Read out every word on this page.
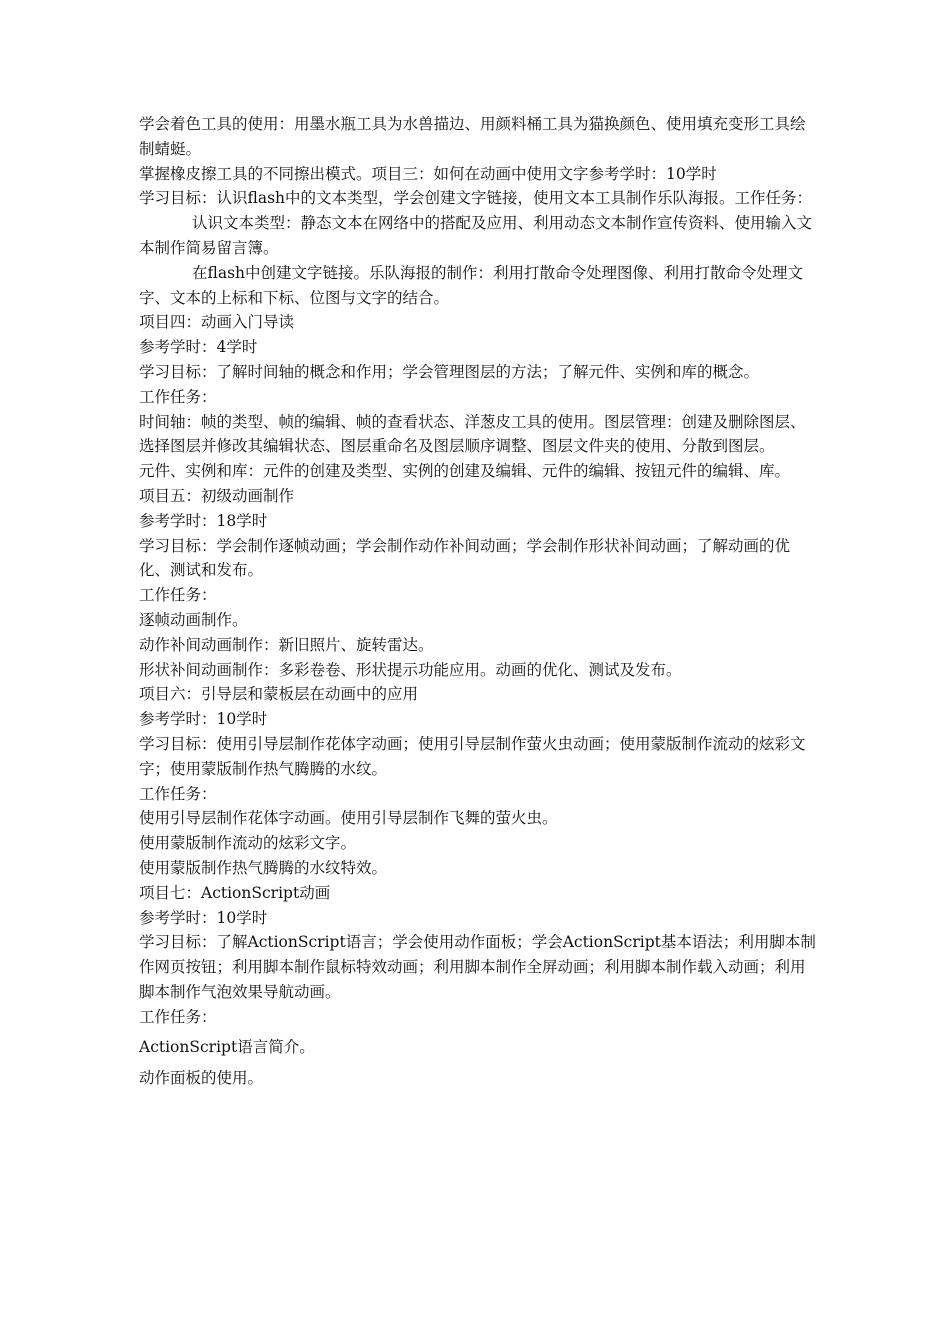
学会着色工具的使用：用墨水瓶工具为水兽描边、用颜料桶工具为猫换颜色、使用填充变形工具绘制蜻蜓。

掌握橡皮擦工具的不同擦出模式。项目三：如何在动画中使用文字参考学时：10学时

学习目标：认识flash中的文本类型，学会创建文字链接，使用文本工具制作乐队海报。工作任务：

认识文本类型：静态文本在网络中的搭配及应用、利用动态文本制作宣传资料、使用输入文本制作简易留言簿。

在flash中创建文字链接。乐队海报的制作：利用打散命令处理图像、利用打散命令处理文字、文本的上标和下标、位图与文字的结合。

项目四：动画入门导读

参考学时：4学时

学习目标：了解时间轴的概念和作用；学会管理图层的方法；了解元件、实例和库的概念。

工作任务：

时间轴：帧的类型、帧的编辑、帧的查看状态、洋葱皮工具的使用。图层管理：创建及删除图层、选择图层并修改其编辑状态、图层重命名及图层顺序调整、图层文件夹的使用、分散到图层。

元件、实例和库：元件的创建及类型、实例的创建及编辑、元件的编辑、按钮元件的编辑、库。

项目五：初级动画制作

参考学时：18学时

学习目标：学会制作逐帧动画；学会制作动作补间动画；学会制作形状补间动画；了解动画的优化、测试和发布。

工作任务：

逐帧动画制作。

动作补间动画制作：新旧照片、旋转雷达。

形状补间动画制作：多彩卷卷、形状提示功能应用。动画的优化、测试及发布。

项目六：引导层和蒙板层在动画中的应用

参考学时：10学时

学习目标：使用引导层制作花体字动画；使用引导层制作萤火虫动画；使用蒙版制作流动的炫彩文字；使用蒙版制作热气腾腾的水纹。

工作任务：

使用引导层制作花体字动画。使用引导层制作飞舞的萤火虫。

使用蒙版制作流动的炫彩文字。

使用蒙版制作热气腾腾的水纹特效。

项目七：ActionScript动画

参考学时：10学时

学习目标：了解ActionScript语言；学会使用动作面板；学会ActionScript基本语法；利用脚本制作网页按钮；利用脚本制作鼠标特效动画；利用脚本制作全屏动画；利用脚本制作载入动画；利用脚本制作气泡效果导航动画。

工作任务：

ActionScript语言简介。

动作面板的使用。
